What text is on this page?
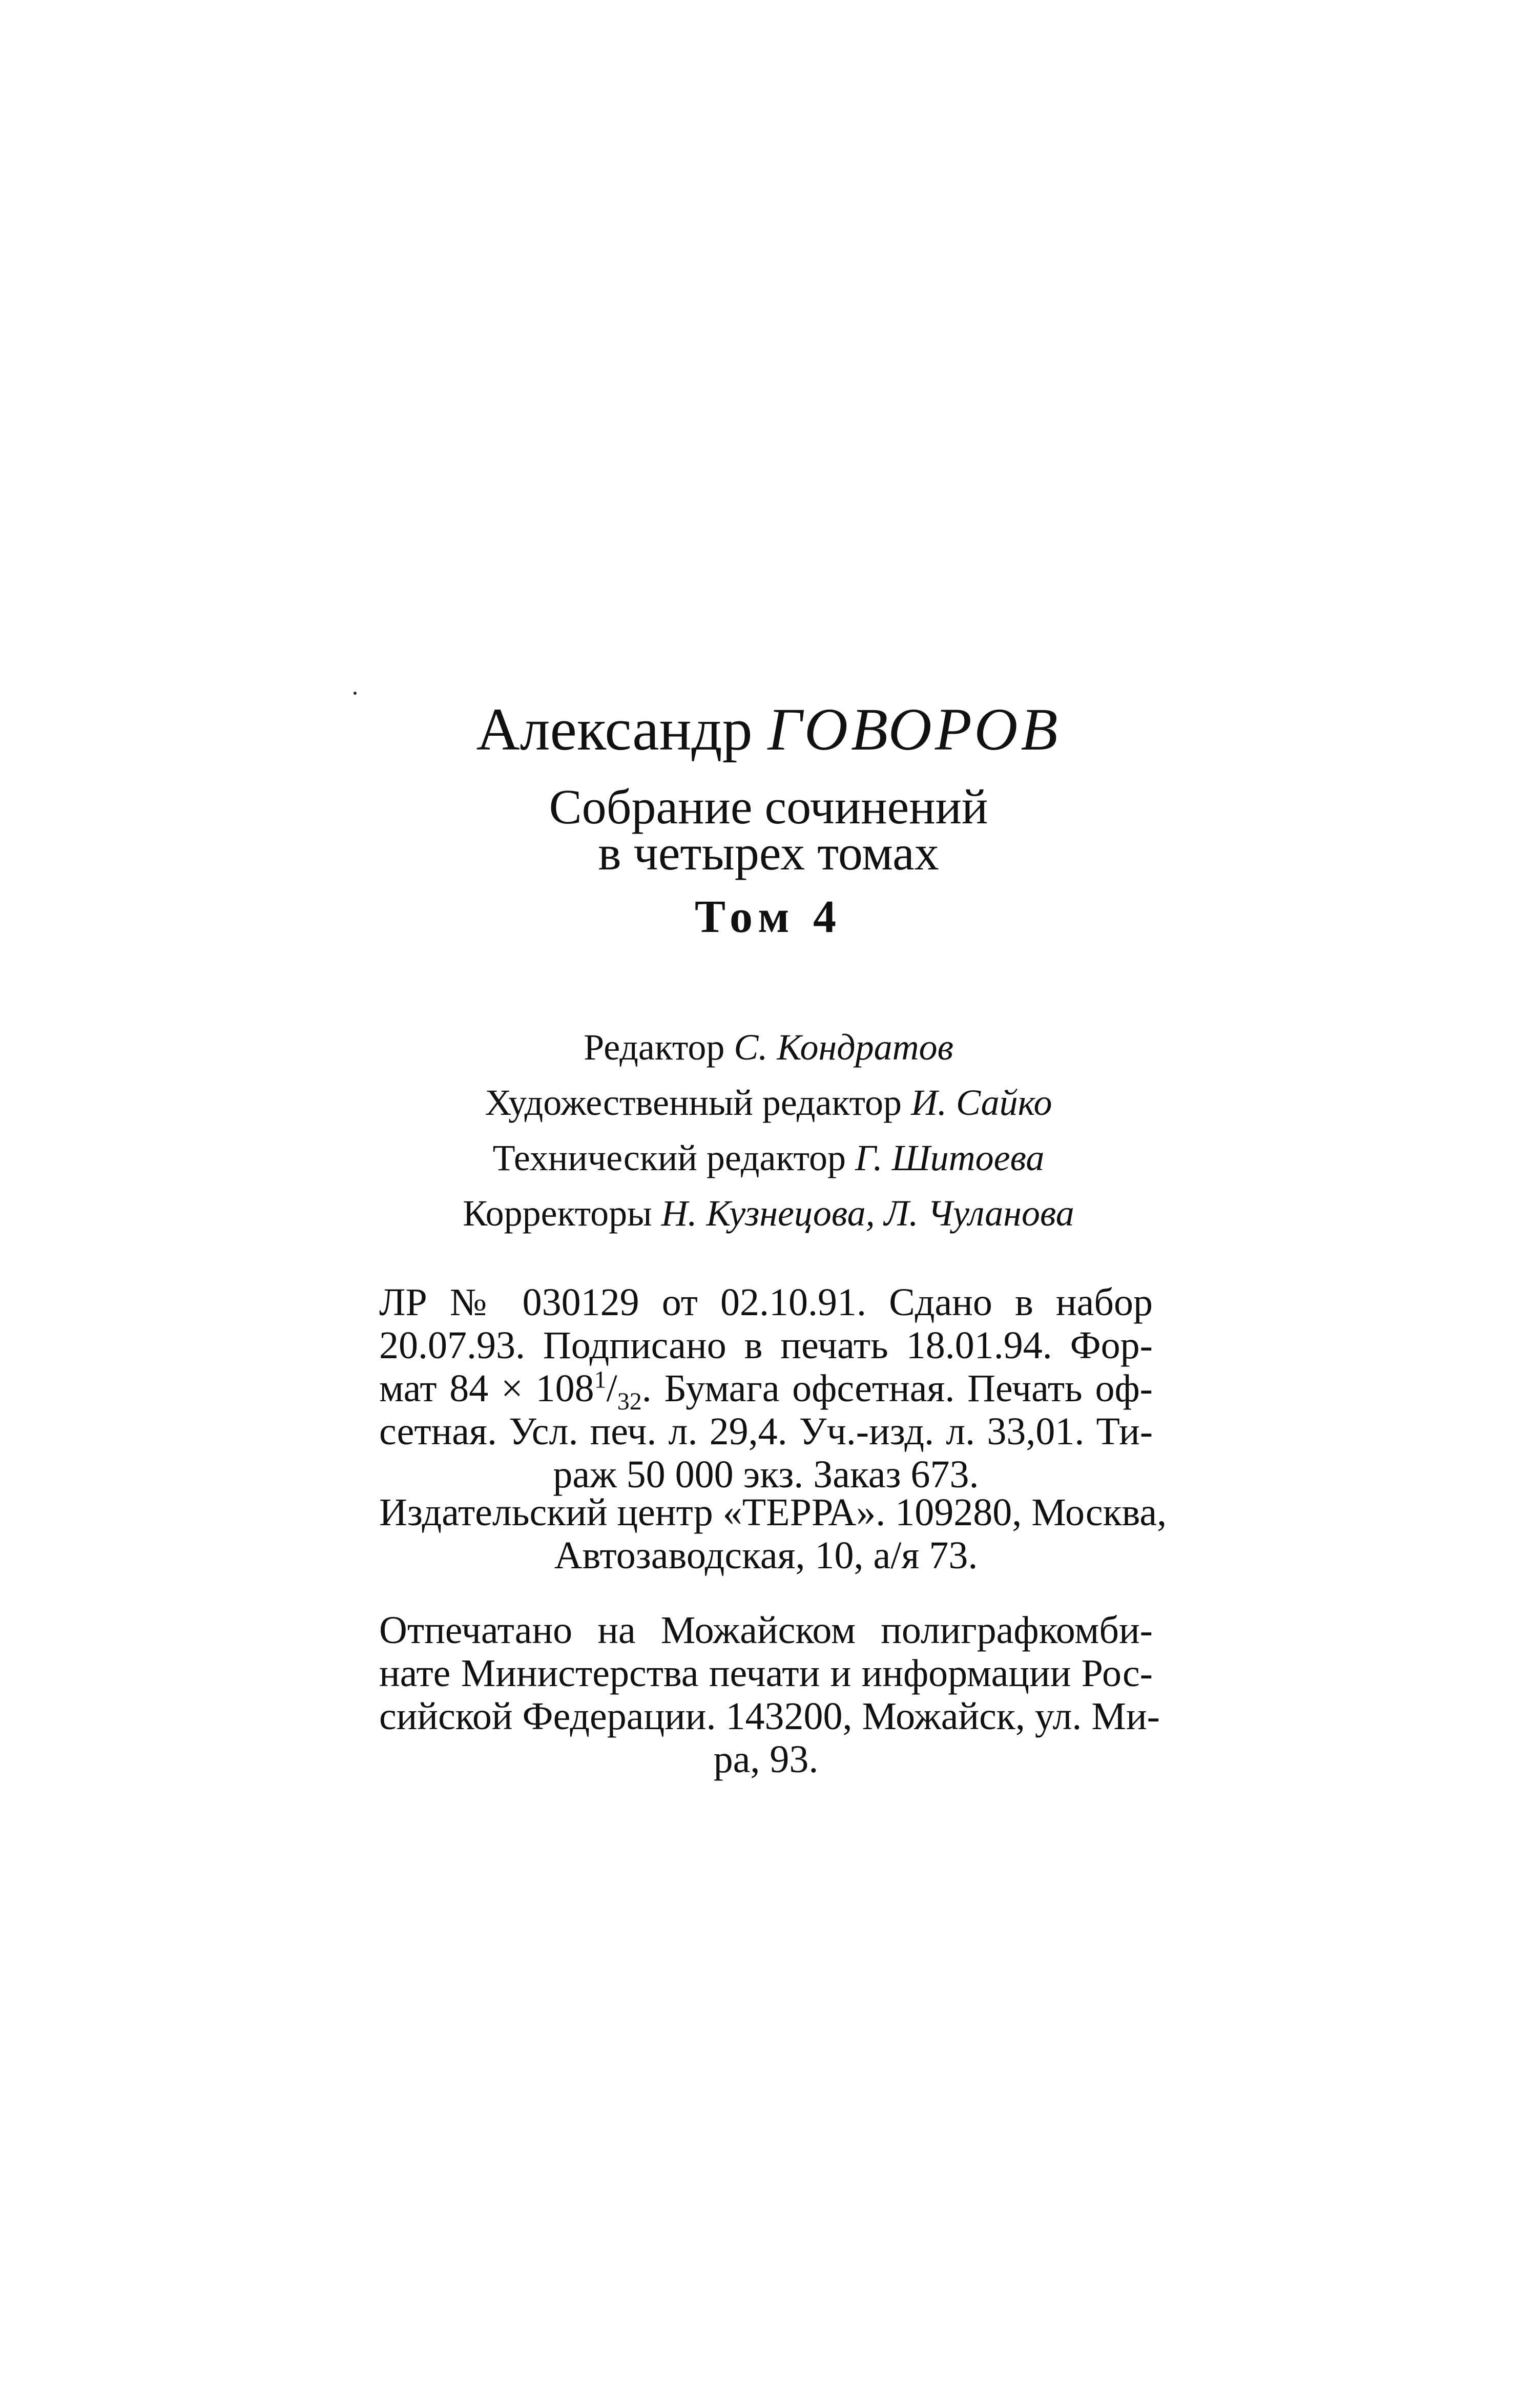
Александр ГОВОРОВ
Собрание сочинений
в четырех томах
Том 4
Редактор С. Кондратов
Художественный редактор И. Сайко
Технический редактор Г. Шитоева
Корректоры Н. Кузнецова, Л. Чуланова
ЛР № 030129 от 02.10.91. Сдано в набор
20.07.93. Подписано в печать 18.01.94. Фор-
мат $84 \times 108^1/_{32}$. Бумага офсетная. Печать оф-
сетная. Усл. печ. л. 29,4. Уч.-изд. л. 33,01. Ти-
раж 50 000 экз. Заказ 673.
Издательский центр «ТЕРРА». 109280, Москва,
Автозаводская, 10, а/я 73.
Отпечатано на Можайском полиграфкомби-
нате Министерства печати и информации Рос-
сийской Федерации. 143200, Можайск, ул. Ми-
ра, 93.
